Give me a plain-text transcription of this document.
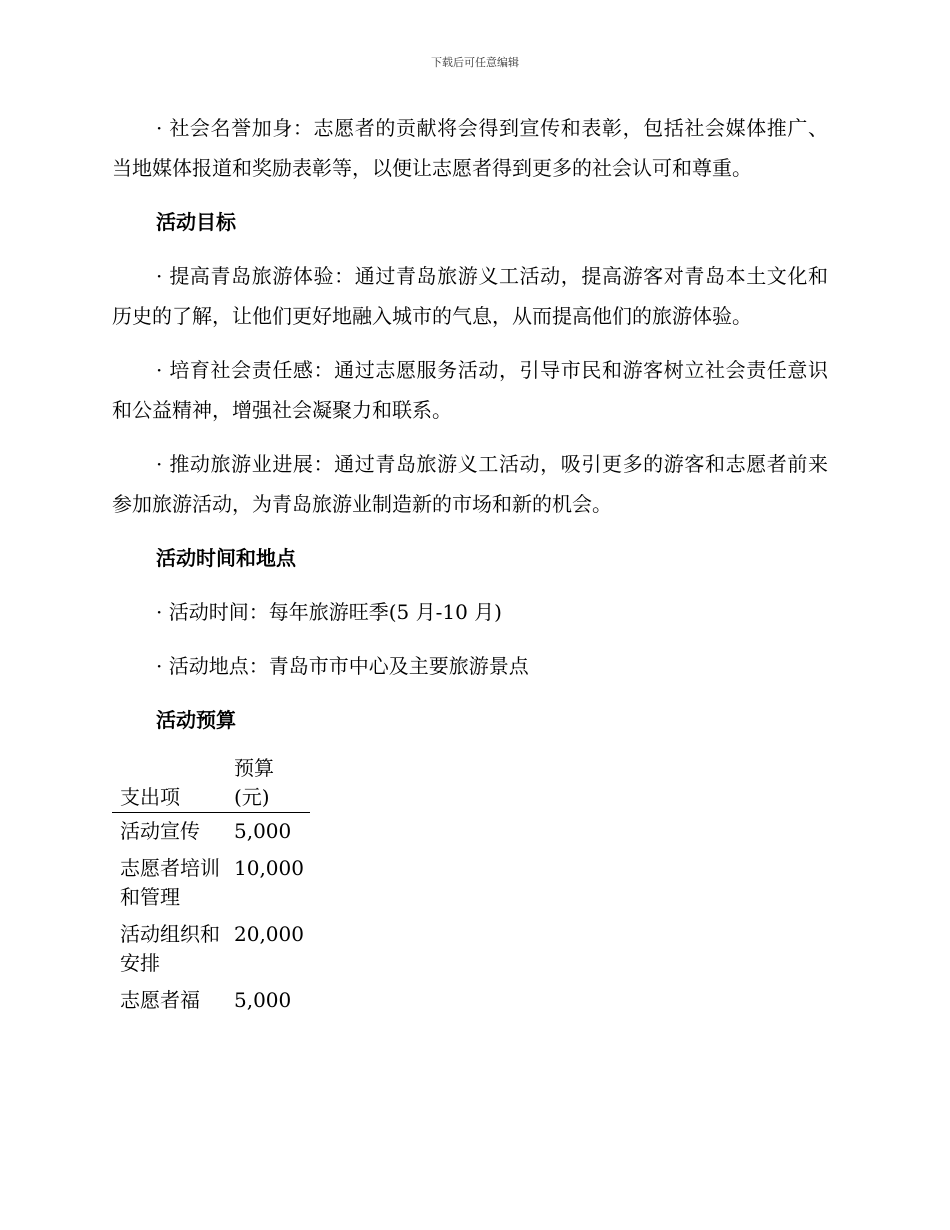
下载后可任意编辑

· 社会名誉加身：志愿者的贡献将会得到宣传和表彰，包括社会媒体推广、当地媒体报道和奖励表彰等，以便让志愿者得到更多的社会认可和尊重。

活动目标

· 提高青岛旅游体验：通过青岛旅游义工活动，提高游客对青岛本土文化和历史的了解，让他们更好地融入城市的气息，从而提高他们的旅游体验。

· 培育社会责任感：通过志愿服务活动，引导市民和游客树立社会责任意识和公益精神，增强社会凝聚力和联系。

· 推动旅游业进展：通过青岛旅游义工活动，吸引更多的游客和志愿者前来参加旅游活动，为青岛旅游业制造新的市场和新的机会。

活动时间和地点

· 活动时间：每年旅游旺季(5 月-10 月)

· 活动地点：青岛市市中心及主要旅游景点

活动预算
支出项	预算(元)
活动宣传	5,000
志愿者培训和管理	10,000
活动组织和安排	20,000
志愿者福	5,000
